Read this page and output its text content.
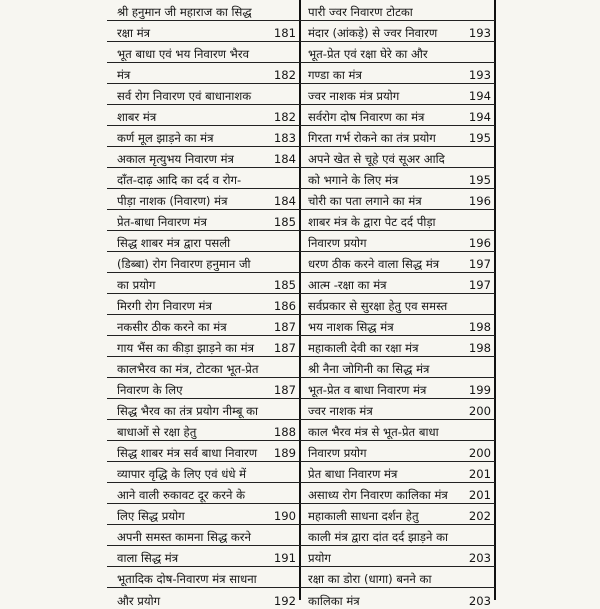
श्री हनुमान जी महाराज का सिद्ध
रक्षा मंत्र	181
भूत बाधा एवं भय निवारण भैरव
मंत्र	182
सर्व रोग निवारण एवं बाधानाशक
शाबर मंत्र	182
कर्ण मूल झाड़ने का मंत्र	183
अकाल मृत्युभय निवारण मंत्र	184
दाँत-दाढ़ आदि का दर्द व रोग-
पीड़ा नाशक (निवारण) मंत्र	184
प्रेत-बाधा निवारण मंत्र	185
सिद्ध शाबर मंत्र द्वारा पसली
(डिब्बा) रोग निवारण हनुमान जी
का प्रयोग	185
मिरगी रोग निवारण मंत्र	186
नकसीर ठीक करने का मंत्र	187
गाय भैंस का कीड़ा झाड़ने का मंत्र 187
कालभैरव का मंत्र, टोटका भूत-प्रेत
निवारण के लिए	187
सिद्ध भैरव का तंत्र प्रयोग नीम्बू का
बाधाओं से रक्षा हेतु	188
सिद्ध शाबर मंत्र सर्व बाधा निवारण 189
व्यापार वृद्धि के लिए एवं धंधे में
आने वाली रुकावट दूर करने के
लिए सिद्ध प्रयोग	190
अपनी समस्त कामना सिद्ध करने
वाला सिद्ध मंत्र	191
भूतादिक दोष-निवारण मंत्र साधना
और प्रयोग	192
पारी ज्वर निवारण टोटका
मंदार (आंकड़े) से ज्वर निवारण	193
भूत-प्रेत एवं रक्षा घेरे का और
गण्डा का मंत्र	193
ज्वर नाशक मंत्र प्रयोग	194
सर्वरोग दोष निवारण का मंत्र	194
गिरता गर्भ रोकने का तंत्र प्रयोग	195
अपने खेत से चूहे एवं सूअर आदि
को भगाने के लिए मंत्र	195
चोरी का पता लगाने का मंत्र	196
शाबर मंत्र के द्वारा पेट दर्द पीड़ा
निवारण प्रयोग	196
धरण ठीक करने वाला सिद्ध मंत्र	197
आत्म -रक्षा का मंत्र	197
सर्वप्रकार से सुरक्षा हेतु एव समस्त
भय नाशक सिद्ध मंत्र	198
महाकाली देवी का रक्षा मंत्र	198
श्री नैना जोगिनी का सिद्ध मंत्र
भूत-प्रेत व बाधा निवारण मंत्र	199
ज्वर नाशक मंत्र	200
काल भैरव मंत्र से भूत-प्रेत बाधा
निवारण प्रयोग	200
प्रेत बाधा निवारण मंत्र	201
असाध्य रोग निवारण कालिका मंत्र 201
महाकाली साधना दर्शन हेतु	202
काली मंत्र द्वारा दांत दर्द झाड़ने का
प्रयोग	203
रक्षा का डोरा (धागा) बनने का
कालिका मंत्र	203
